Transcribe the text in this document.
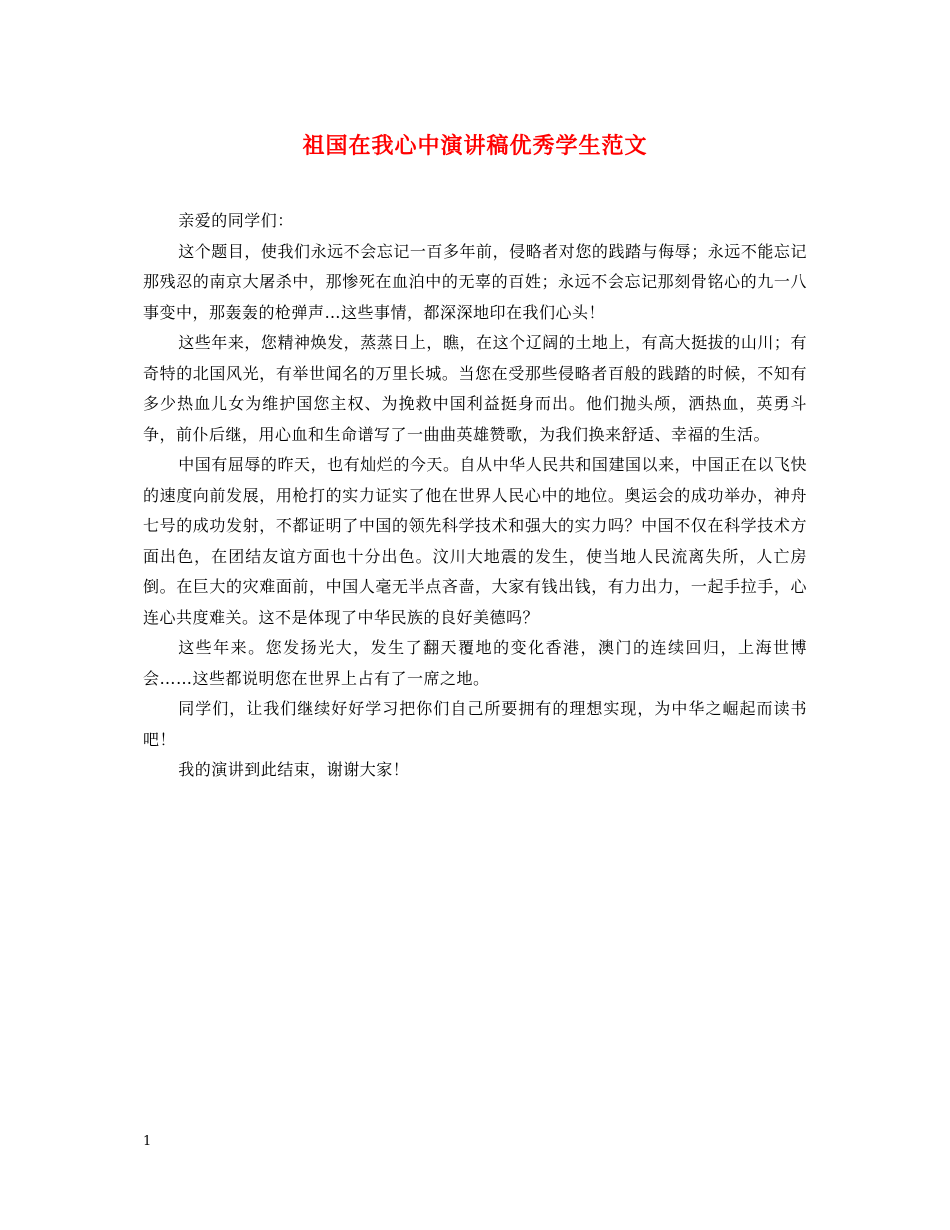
祖国在我心中演讲稿优秀学生范文

亲爱的同学们：

这个题目，使我们永远不会忘记一百多年前，侵略者对您的践踏与侮辱；永远不能忘记那残忍的南京大屠杀中，那惨死在血泊中的无辜的百姓；永远不会忘记那刻骨铭心的九一八事变中，那轰轰的枪弹声…这些事情，都深深地印在我们心头！

这些年来，您精神焕发，蒸蒸日上，瞧，在这个辽阔的土地上，有高大挺拔的山川；有奇特的北国风光，有举世闻名的万里长城。当您在受那些侵略者百般的践踏的时候，不知有多少热血儿女为维护国您主权、为挽救中国利益挺身而出。他们抛头颅，洒热血，英勇斗争，前仆后继，用心血和生命谱写了一曲曲英雄赞歌，为我们换来舒适、幸福的生活。

中国有屈辱的昨天，也有灿烂的今天。自从中华人民共和国建国以来，中国正在以飞快的速度向前发展，用枪打的实力证实了他在世界人民心中的地位。奥运会的成功举办，神舟七号的成功发射，不都证明了中国的领先科学技术和强大的实力吗？中国不仅在科学技术方面出色，在团结友谊方面也十分出色。汶川大地震的发生，使当地人民流离失所，人亡房倒。在巨大的灾难面前，中国人毫无半点吝啬，大家有钱出钱，有力出力，一起手拉手，心连心共度难关。这不是体现了中华民族的良好美德吗？

这些年来。您发扬光大，发生了翻天覆地的变化香港，澳门的连续回归，上海世博会……这些都说明您在世界上占有了一席之地。

同学们，让我们继续好好学习把你们自己所要拥有的理想实现，为中华之崛起而读书吧！

我的演讲到此结束，谢谢大家！

1
